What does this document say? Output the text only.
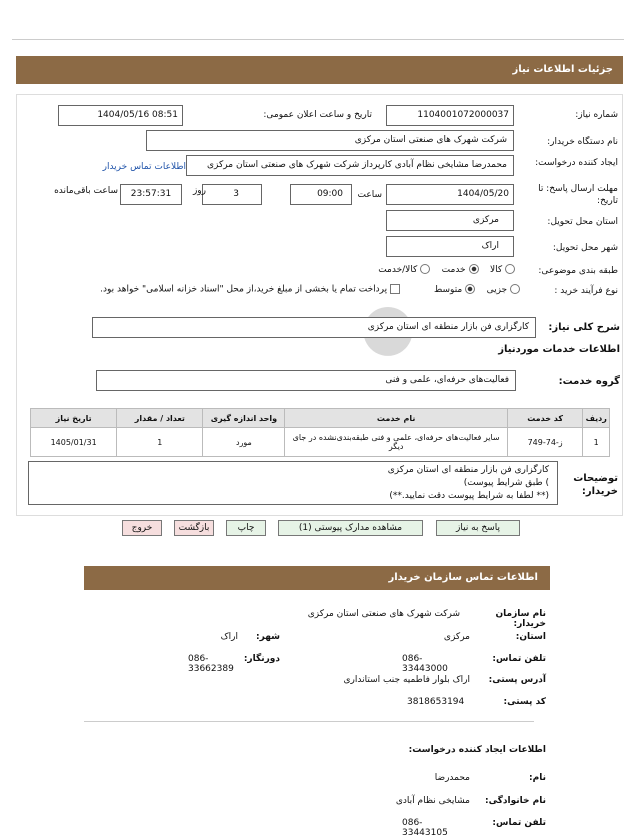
جزئیات اطلاعات نیاز
شماره نیاز:
1104001072000037
تاریخ و ساعت اعلان عمومی:
1404/05/16 08:51
نام دستگاه خریدار:
شرکت شهرک های صنعتی استان مرکزی
ایجاد کننده درخواست:
محمدرضا مشایخی نظام آبادی کارپرداز شرکت شهرک های صنعتی استان مرکزی
اطلاعات تماس خریدار
مهلت ارسال پاسخ: تا تاریخ:
1404/05/20
ساعت
09:00
3
روز
23:57:31
ساعت باقی‌مانده
استان محل تحویل:
مرکزی
شهر محل تحویل:
اراک
طبقه بندی موضوعی:
کالا     خدمت     کالا/خدمت
نوع فرآیند خرید :
جزیی     متوسط
پرداخت تمام یا بخشی از مبلغ خرید،از محل "اسناد خزانه اسلامی" خواهد بود.
شرح کلی نیاز:
کارگزاری فن بازار منطقه ای استان مرکزی
اطلاعات خدمات موردنیاز
گروه خدمت:
فعالیت‌های حرفه‌ای، علمی و فنی
ردیف	کد خدمت	نام خدمت	واحد اندازه گیری	تعداد / مقدار	تاریخ نیاز
1	ز-74-749	سایر فعالیت‌های حرفه‌ای، علمی و فنی طبقه‌بندی‌نشده در جای دیگر	مورد	1	1405/01/31
توضیحات خریدار:
کارگزاری فن بازار منطقه ای استان مرکزی
) طبق شرایط پیوست)
(** لطفا به شرایط پیوست دقت نمایید.**)
پاسخ به نیاز
مشاهده مدارک پیوستی (1)
چاپ
بازگشت
خروج
اطلاعات تماس سازمان خریدار
نام سازمان خریدار:
شرکت شهرک های صنعتی استان مرکزی
استان:
مرکزی
شهر:
اراک
تلفن تماس:
086-33443000
دورنگار:
086-33662389
آدرس پستی:
اراک بلوار فاطمیه جنب استانداری
کد پستی:
3818653194
اطلاعات ایجاد کننده درخواست:
نام:
محمدرضا
نام خانوادگی:
مشایخی نظام آبادی
تلفن تماس:
086-33443105
